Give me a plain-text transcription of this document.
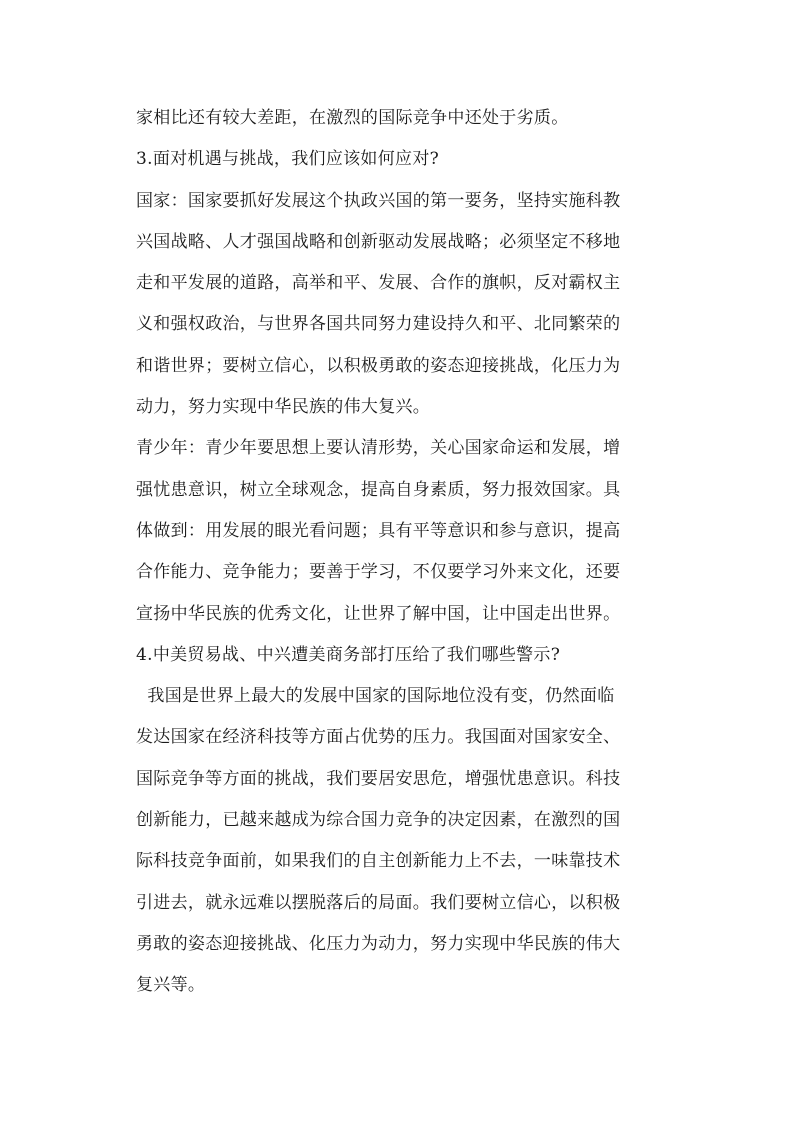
家相比还有较大差距，在激烈的国际竞争中还处于劣质。
3.面对机遇与挑战，我们应该如何应对?
国家：国家要抓好发展这个执政兴国的第一要务，坚持实施科教
兴国战略、人才强国战略和创新驱动发展战略；必须坚定不移地
走和平发展的道路，高举和平、发展、合作的旗帜，反对霸权主
义和强权政治，与世界各国共同努力建设持久和平、北同繁荣的
和谐世界；要树立信心，以积极勇敢的姿态迎接挑战，化压力为
动力，努力实现中华民族的伟大复兴。
青少年：青少年要思想上要认清形势，关心国家命运和发展，增
强忧患意识，树立全球观念，提高自身素质，努力报效国家。具
体做到：用发展的眼光看问题；具有平等意识和参与意识，提高
合作能力、竞争能力；要善于学习，不仅要学习外来文化，还要
宣扬中华民族的优秀文化，让世界了解中国，让中国走出世界。
4.中美贸易战、中兴遭美商务部打压给了我们哪些警示?
我国是世界上最大的发展中国家的国际地位没有变，仍然面临
发达国家在经济科技等方面占优势的压力。我国面对国家安全、
国际竞争等方面的挑战，我们要居安思危，增强忧患意识。科技
创新能力，已越来越成为综合国力竞争的决定因素，在激烈的国
际科技竞争面前，如果我们的自主创新能力上不去，一味靠技术
引进去，就永远难以摆脱落后的局面。我们要树立信心，以积极
勇敢的姿态迎接挑战、化压力为动力，努力实现中华民族的伟大
复兴等。
